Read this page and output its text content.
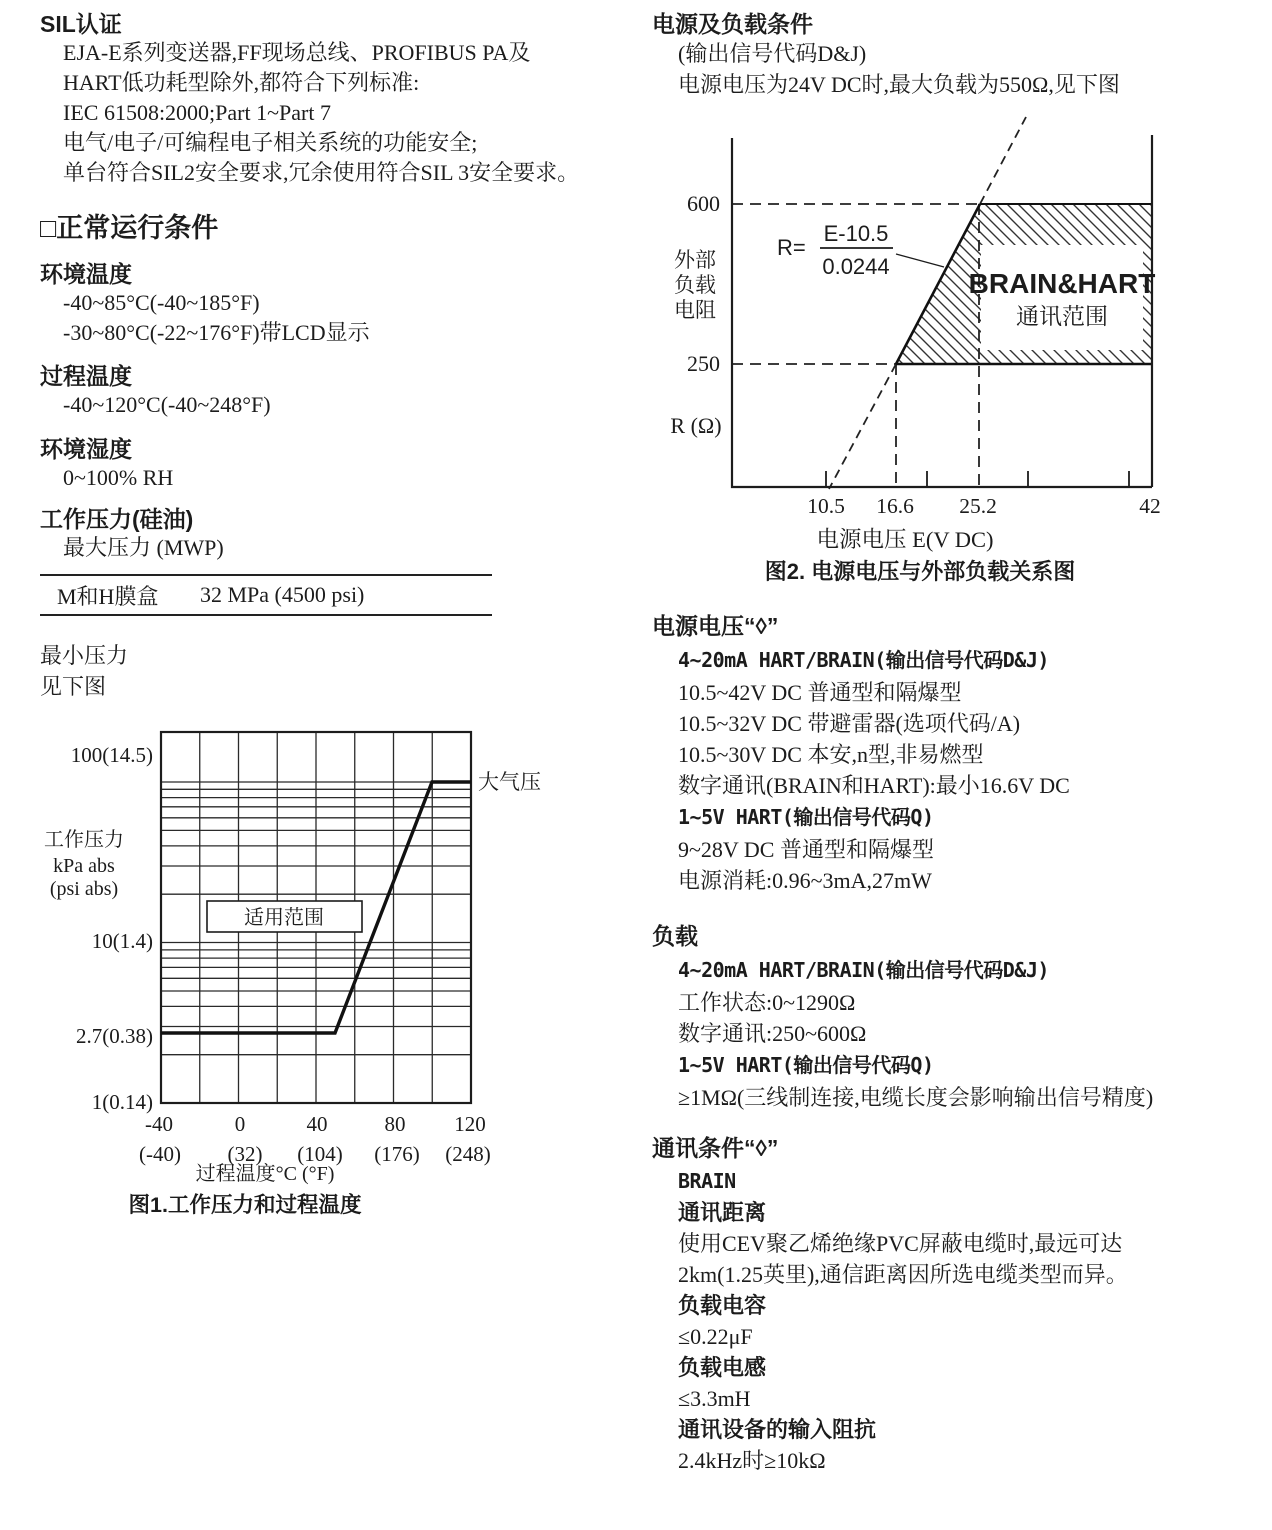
SIL认证
EJA-E系列变送器,FF现场总线、PROFIBUS PA及
HART低功耗型除外,都符合下列标准:
IEC 61508:2000;Part 1~Part 7
电气/电子/可编程电子相关系统的功能安全;
单台符合SIL2安全要求,冗余使用符合SIL 3安全要求。
□正常运行条件
环境温度
-40~85°C(-40~185°F)
-30~80°C(-22~176°F)带LCD显示
过程温度
-40~120°C(-40~248°F)
环境湿度
0~100% RH
工作压力(硅油)
最大压力 (MWP)
M和H膜盒	32 MPa (4500 psi)
最小压力
见下图
适用范围
大气压
100(14.5)
10(1.4)
2.7(0.38)
1(0.14)
工作压力
kPa abs
(psi abs)
-40	0	40	80 120
(-40) (32) (104) (176) (248)
过程温度°C (°F)
图1.工作压力和过程温度
电源及负载条件
(输出信号代码D&J)
电源电压为24V DC时,最大负载为550Ω,见下图
600
250
外部
负载
电阻
R (Ω)
R=
E-10.5
0.0244
BRAIN&HART
通讯范围
10.5 16.6 25.2	42
电源电压 E(V DC)
图2. 电源电压与外部负载关系图
电源电压“◊”
4~20mA HART/BRAIN(输出信号代码D&J)
10.5~42V DC 普通型和隔爆型
10.5~32V DC 带避雷器(选项代码/A)
10.5~30V DC 本安,n型,非易燃型
数字通讯(BRAIN和HART):最小16.6V DC
1~5V HART(输出信号代码Q)
9~28V DC 普通型和隔爆型
电源消耗:0.96~3mA,27mW
负载
4~20mA HART/BRAIN(输出信号代码D&J)
工作状态:0~1290Ω
数字通讯:250~600Ω
1~5V HART(输出信号代码Q)
≥1MΩ(三线制连接,电缆长度会影响输出信号精度)
通讯条件“◊”
BRAIN
通讯距离
使用CEV聚乙烯绝缘PVC屏蔽电缆时,最远可达
2km(1.25英里),通信距离因所选电缆类型而异。
负载电容
≤0.22μF
负载电感
≤3.3mH
通讯设备的输入阻抗
2.4kHz时≥10kΩ
